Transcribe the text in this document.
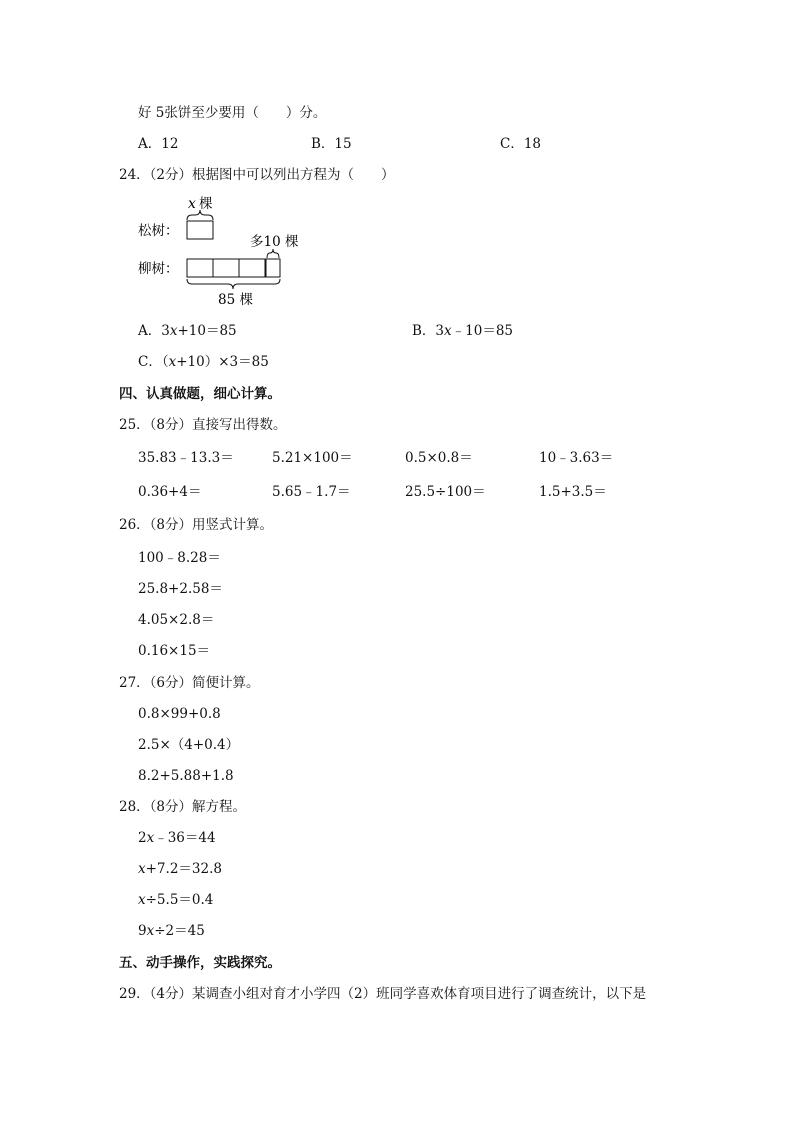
好 5张饼至少要用（　　）分。
A．12	B．15	C．18
24．（2分）根据图中可以列出方程为（　　）
x 棵
松树：
多10 棵
柳树：
85 棵
A．3x+10＝85	B．3x﹣10＝85
C．（x+10）×3＝85
四、认真做题，细心计算。
25．（8分）直接写出得数。
35.83﹣13.3＝	5.21×100＝	0.5×0.8＝	10﹣3.63＝
0.36+4＝	5.65﹣1.7＝	25.5÷100＝	1.5+3.5＝
26．（8分）用竖式计算。
100﹣8.28＝
25.8+2.58＝
4.05×2.8＝
0.16×15＝
27．（6分）简便计算。
0.8×99+0.8
2.5×（4+0.4）
8.2+5.88+1.8
28．（8分）解方程。
2x﹣36＝44
x+7.2＝32.8
x÷5.5＝0.4
9x÷2＝45
五、动手操作，实践探究。
29．（4分）某调查小组对育才小学四（2）班同学喜欢体育项目进行了调查统计，以下是
